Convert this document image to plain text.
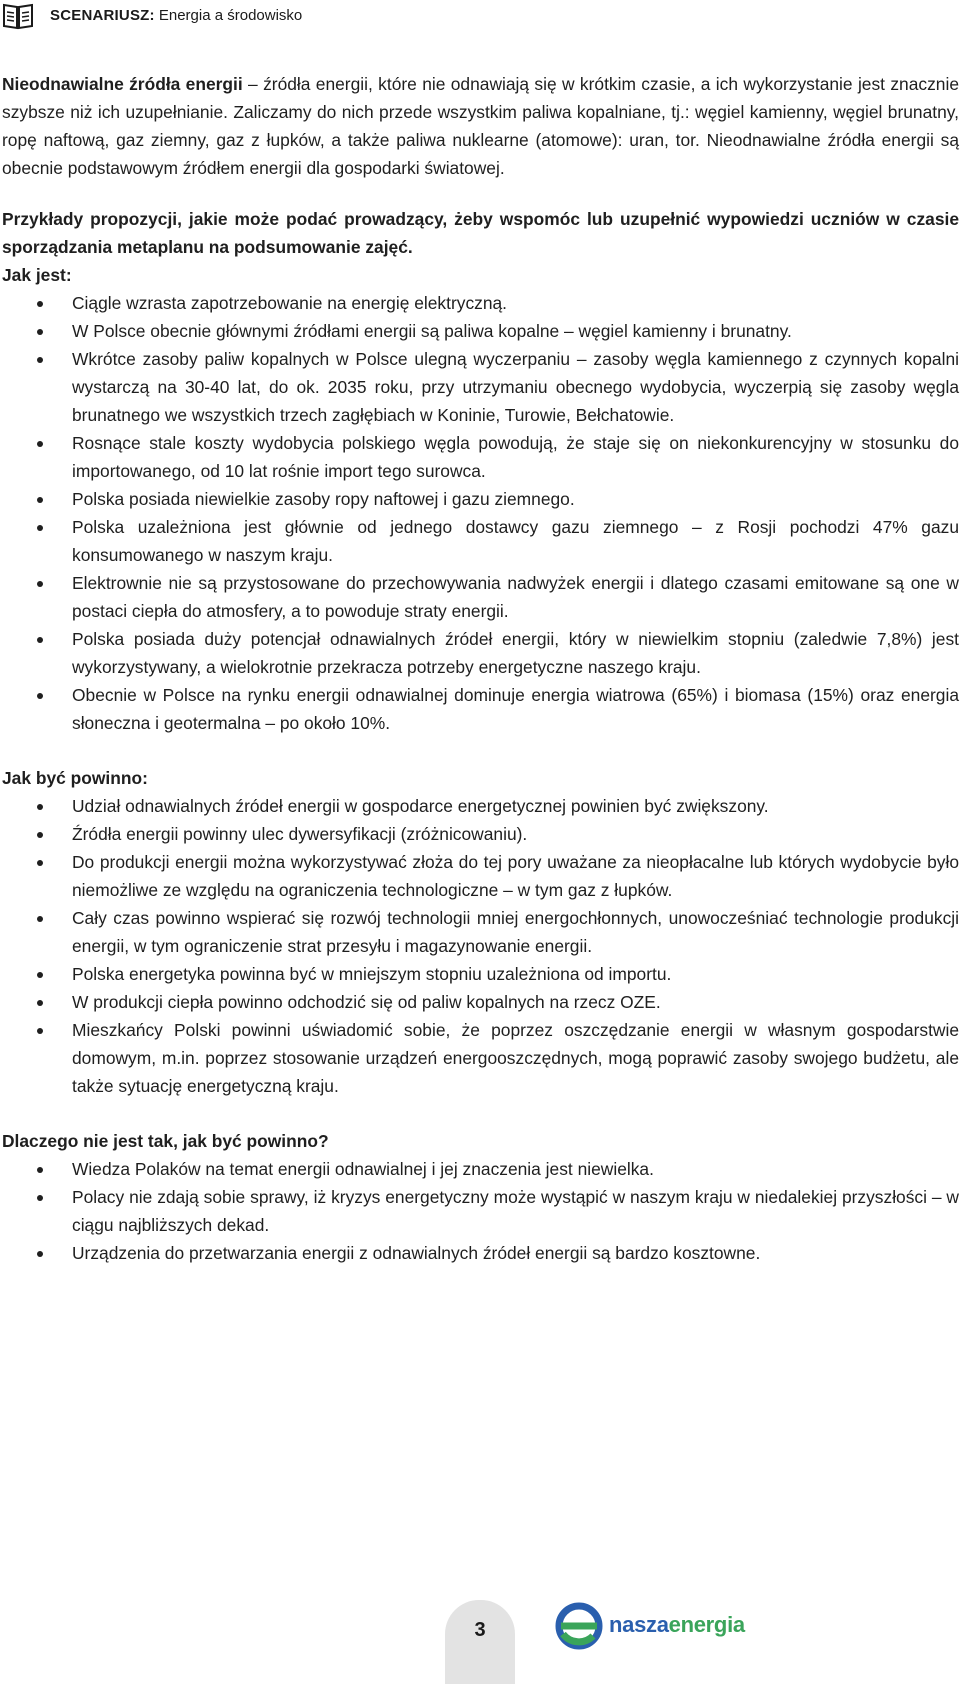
SCENARIUSZ: Energia a środowisko

Nieodnawialne źródła energii – źródła energii, które nie odnawiają się w krótkim czasie, a ich wykorzystanie jest znacznie szybsze niż ich uzupełnianie. Zaliczamy do nich przede wszystkim paliwa kopalniane, tj.: węgiel kamienny, węgiel brunatny, ropę naftową, gaz ziemny, gaz z łupków, a także paliwa nuklearne (atomowe): uran, tor. Nieodnawialne źródła energii są obecnie podstawowym źródłem energii dla gospodarki światowej.

Przykłady propozycji, jakie może podać prowadzący, żeby wspomóc lub uzupełnić wypowiedzi uczniów w czasie sporządzania metaplanu na podsumowanie zajęć.

Jak jest:

Ciągle wzrasta zapotrzebowanie na energię elektryczną.
W Polsce obecnie głównymi źródłami energii są paliwa kopalne – węgiel kamienny i brunatny.
Wkrótce zasoby paliw kopalnych w Polsce ulegną wyczerpaniu – zasoby węgla kamiennego z czynnych kopalni wystarczą na 30-40 lat, do ok. 2035 roku, przy utrzymaniu obecnego wydobycia, wyczerpią się zasoby węgla brunatnego we wszystkich trzech zagłębiach w Koninie, Turowie, Bełchatowie.
Rosnące stale koszty wydobycia polskiego węgla powodują, że staje się on niekonkurencyjny w stosunku do importowanego, od 10 lat rośnie import tego surowca.
Polska posiada niewielkie zasoby ropy naftowej i gazu ziemnego.
Polska uzależniona jest głównie od jednego dostawcy gazu ziemnego – z Rosji pochodzi 47% gazu konsumowanego w naszym kraju.
Elektrownie nie są przystosowane do przechowywania nadwyżek energii i dlatego czasami emitowane są one w postaci ciepła do atmosfery, a to powoduje straty energii.
Polska posiada duży potencjał odnawialnych źródeł energii, który w niewielkim stopniu (zaledwie 7,8%) jest wykorzystywany, a wielokrotnie przekracza potrzeby energetyczne naszego kraju.
Obecnie w Polsce na rynku energii odnawialnej dominuje energia wiatrowa (65%) i biomasa (15%) oraz energia słoneczna i geotermalna – po około 10%.

Jak być powinno:

Udział odnawialnych źródeł energii w gospodarce energetycznej powinien być zwiększony.
Źródła energii powinny ulec dywersyfikacji (zróżnicowaniu).
Do produkcji energii można wykorzystywać złoża do tej pory uważane za nieopłacalne lub których wydobycie było niemożliwe ze względu na ograniczenia technologiczne – w tym gaz z łupków.
Cały czas powinno wspierać się rozwój technologii mniej energochłonnych, unowocześniać technologie produkcji energii, w tym ograniczenie strat przesyłu i magazynowanie energii.
Polska energetyka powinna być w mniejszym stopniu uzależniona od importu.
W produkcji ciepła powinno odchodzić się od paliw kopalnych na rzecz OZE.
Mieszkańcy Polski powinni uświadomić sobie, że poprzez oszczędzanie energii w własnym gospodarstwie domowym, m.in. poprzez stosowanie urządzeń energooszczędnych, mogą poprawić zasoby swojego budżetu, ale także sytuację energetyczną kraju.

Dlaczego nie jest tak, jak być powinno?

Wiedza Polaków na temat energii odnawialnej i jej znaczenia jest niewielka.
Polacy nie zdają sobie sprawy, iż kryzys energetyczny może wystąpić w naszym kraju w niedalekiej przyszłości – w ciągu najbliższych dekad.
Urządzenia do przetwarzania energii z odnawialnych źródeł energii są bardzo kosztowne.
3	naszaenergia
